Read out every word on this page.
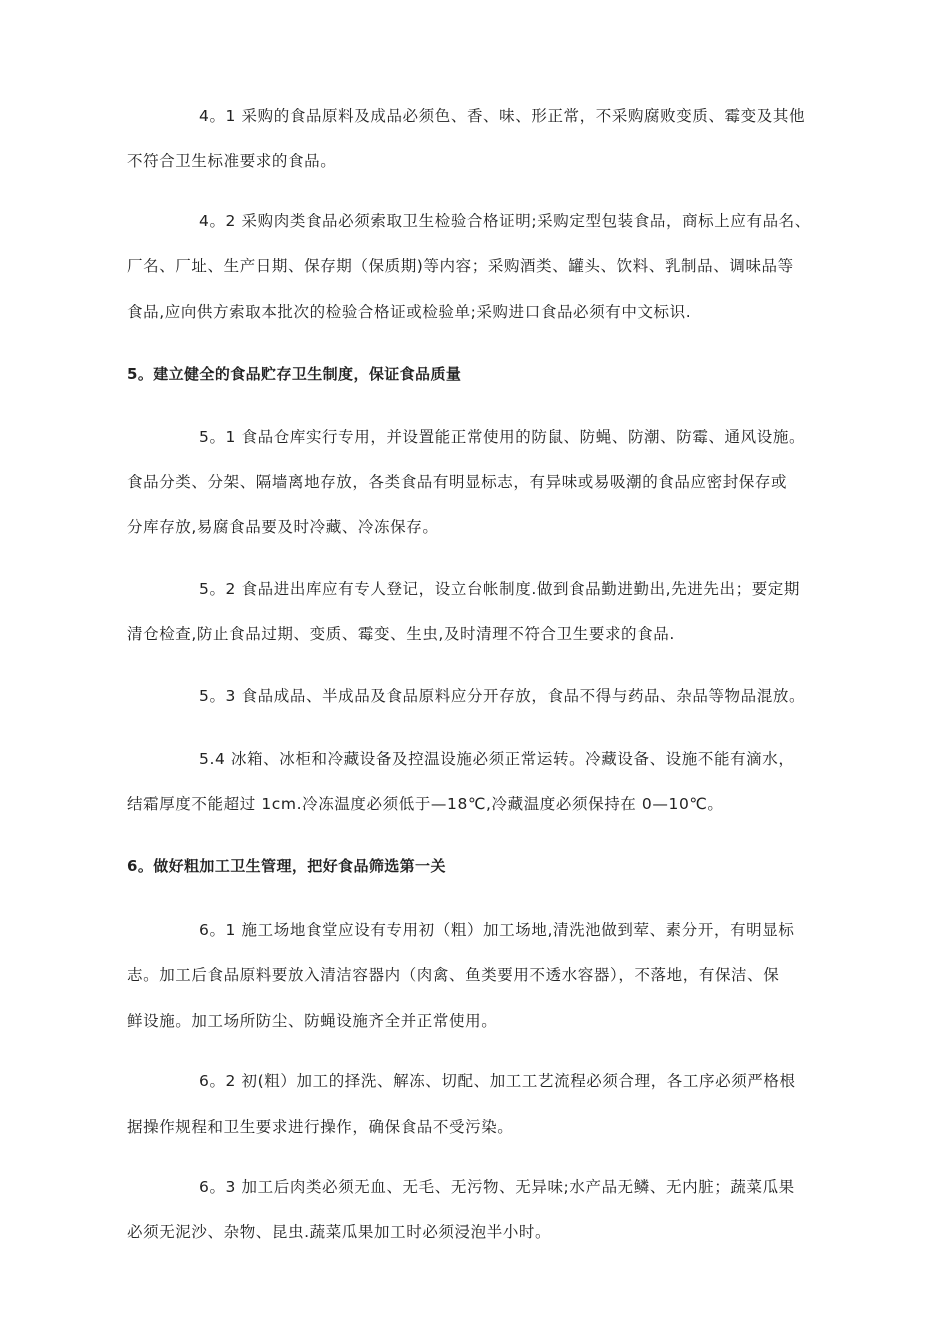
4。1 采购的食品原料及成品必须色、香、味、形正常，不采购腐败变质、霉变及其他
不符合卫生标准要求的食品。
4。2 采购肉类食品必须索取卫生检验合格证明;采购定型包装食品，商标上应有品名、
厂名、厂址、生产日期、保存期（保质期)等内容；采购酒类、罐头、饮料、乳制品、调味品等
食品,应向供方索取本批次的检验合格证或检验单;采购进口食品必须有中文标识.
5。建立健全的食品贮存卫生制度，保证食品质量
5。1 食品仓库实行专用，并设置能正常使用的防鼠、防蝇、防潮、防霉、通风设施。
食品分类、分架、隔墙离地存放，各类食品有明显标志，有异味或易吸潮的食品应密封保存或
分库存放,易腐食品要及时冷藏、冷冻保存。
5。2 食品进出库应有专人登记，设立台帐制度.做到食品勤进勤出,先进先出；要定期
清仓检查,防止食品过期、变质、霉变、生虫,及时清理不符合卫生要求的食品.
5。3 食品成品、半成品及食品原料应分开存放，食品不得与药品、杂品等物品混放。
5.4 冰箱、冰柜和冷藏设备及控温设施必须正常运转。冷藏设备、设施不能有滴水，
结霜厚度不能超过 1cm.冷冻温度必须低于—18℃,冷藏温度必须保持在 0—10℃。
6。做好粗加工卫生管理，把好食品筛选第一关
6。1 施工场地食堂应设有专用初（粗）加工场地,清洗池做到荤、素分开，有明显标
志。加工后食品原料要放入清洁容器内（肉禽、鱼类要用不透水容器），不落地，有保洁、保
鲜设施。加工场所防尘、防蝇设施齐全并正常使用。
6。2 初(粗）加工的择洗、解冻、切配、加工工艺流程必须合理，各工序必须严格根
据操作规程和卫生要求进行操作，确保食品不受污染。
6。3 加工后肉类必须无血、无毛、无污物、无异味;水产品无鳞、无内脏；蔬菜瓜果
必须无泥沙、杂物、昆虫.蔬菜瓜果加工时必须浸泡半小时。
